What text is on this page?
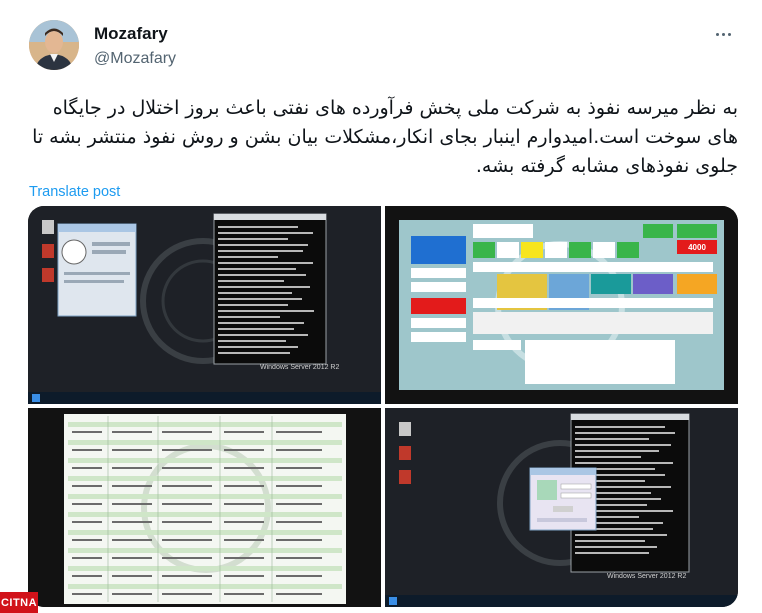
Mozafary
@Mozafary
به نظر میرسه نفوذ به شرکت ملی پخش فرآورده های نفتی باعث بروز اختلال در جایگاه های سوخت است.امیدوارم اینبار بجای انکار،مشکلات بیان بشن و روش نفوذ منتشر بشه تا جلوی نفوذهای مشابه گرفته بشه.
Translate post
Windows Server 2012 R2
4000
Windows Server 2012 R2
CITNA
